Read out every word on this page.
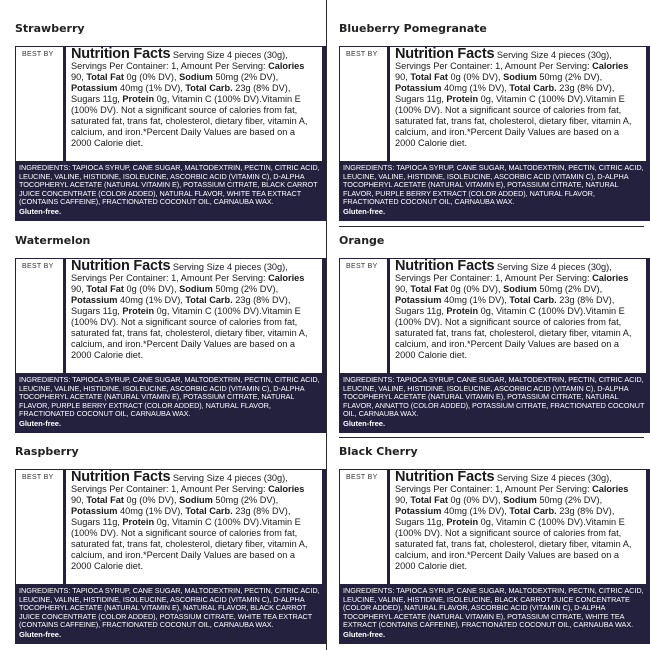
Strawberry
BEST BY	Nutrition Facts Serving Size 4 pieces (30g), Servings Per Container: 1, Amount Per Serving: Calories 90, Total Fat 0g (0% DV), Sodium 50mg (2% DV), Potassium 40mg (1% DV), Total Carb. 23g (8% DV), Sugars 11g, Protein 0g, Vitamin C (100% DV).Vitamin E (100% DV). Not a significant source of calories from fat, saturated fat, trans fat, cholesterol, dietary fiber, vitamin A, calcium, and iron.*Percent Daily Values are based on a 2000 Calorie diet.
INGREDIENTS: TAPIOCA SYRUP, CANE SUGAR, MALTODEXTRIN, PECTIN, CITRIC ACID, LEUCINE, VALINE, HISTIDINE, ISOLEUCINE, ASCORBIC ACID (VITAMIN C), D-ALPHA TOCOPHERYL ACETATE (NATURAL VITAMIN E), POTASSIUM CITRATE, BLACK CARROT JUICE CONCENTRATE (COLOR ADDED), NATURAL FLAVOR, WHITE TEA EXTRACT (CONTAINS CAFFEINE), FRACTIONATED COCONUT OIL, CARNAUBA WAX.
Gluten-free.
Blueberry Pomegranate
BEST BY	Nutrition Facts Serving Size 4 pieces (30g), Servings Per Container: 1, Amount Per Serving: Calories 90, Total Fat 0g (0% DV), Sodium 50mg (2% DV), Potassium 40mg (1% DV), Total Carb. 23g (8% DV), Sugars 11g, Protein 0g, Vitamin C (100% DV).Vitamin E (100% DV). Not a significant source of calories from fat, saturated fat, trans fat, cholesterol, dietary fiber, vitamin A, calcium, and iron.*Percent Daily Values are based on a 2000 Calorie diet.
INGREDIENTS: TAPIOCA SYRUP, CANE SUGAR, MALTODEXTRIN, PECTIN, CITRIC ACID, LEUCINE, VALINE, HISTIDINE, ISOLEUCINE, ASCORBIC ACID (VITAMIN C), D-ALPHA TOCOPHERYL ACETATE (NATURAL VITAMIN E), POTASSIUM CITRATE, NATURAL FLAVOR, PURPLE BERRY EXTRACT (COLOR ADDED), NATURAL FLAVOR, FRACTIONATED COCONUT OIL, CARNAUBA WAX.
Gluten-free.
Watermelon
BEST BY	Nutrition Facts Serving Size 4 pieces (30g), Servings Per Container: 1, Amount Per Serving: Calories 90, Total Fat 0g (0% DV), Sodium 50mg (2% DV), Potassium 40mg (1% DV), Total Carb. 23g (8% DV), Sugars 11g, Protein 0g, Vitamin C (100% DV).Vitamin E (100% DV). Not a significant source of calories from fat, saturated fat, trans fat, cholesterol, dietary fiber, vitamin A, calcium, and iron.*Percent Daily Values are based on a 2000 Calorie diet.
INGREDIENTS: TAPIOCA SYRUP, CANE SUGAR, MALTODEXTRIN, PECTIN, CITRIC ACID, LEUCINE, VALINE, HISTIDINE, ISOLEUCINE, ASCORBIC ACID (VITAMIN C), D-ALPHA TOCOPHERYL ACETATE (NATURAL VITAMIN E), POTASSIUM CITRATE, NATURAL FLAVOR, PURPLE BERRY EXTRACT (COLOR ADDED), NATURAL FLAVOR, FRACTIONATED COCONUT OIL, CARNAUBA WAX.
Gluten-free.
Orange
BEST BY	Nutrition Facts Serving Size 4 pieces (30g), Servings Per Container: 1, Amount Per Serving: Calories 90, Total Fat 0g (0% DV), Sodium 50mg (2% DV), Potassium 40mg (1% DV), Total Carb. 23g (8% DV), Sugars 11g, Protein 0g, Vitamin C (100% DV).Vitamin E (100% DV). Not a significant source of calories from fat, saturated fat, trans fat, cholesterol, dietary fiber, vitamin A, calcium, and iron.*Percent Daily Values are based on a 2000 Calorie diet.
INGREDIENTS: TAPIOCA SYRUP, CANE SUGAR, MALTODEXTRIN, PECTIN, CITRIC ACID, LEUCINE, VALINE, HISTIDINE, ISOLEUCINE, ASCORBIC ACID (VITAMIN C), D-ALPHA TOCOPHERYL ACETATE (NATURAL VITAMIN E), POTASSIUM CITRATE, NATURAL FLAVOR, ANNATTO (COLOR ADDED), POTASSIUM CITRATE, FRACTIONATED COCONUT OIL, CARNAUBA WAX.
Gluten-free.
Raspberry
BEST BY	Nutrition Facts Serving Size 4 pieces (30g), Servings Per Container: 1, Amount Per Serving: Calories 90, Total Fat 0g (0% DV), Sodium 50mg (2% DV), Potassium 40mg (1% DV), Total Carb. 23g (8% DV), Sugars 11g, Protein 0g, Vitamin C (100% DV).Vitamin E (100% DV). Not a significant source of calories from fat, saturated fat, trans fat, cholesterol, dietary fiber, vitamin A, calcium, and iron.*Percent Daily Values are based on a 2000 Calorie diet.
INGREDIENTS: TAPIOCA SYRUP, CANE SUGAR, MALTODEXTRIN, PECTIN, CITRIC ACID, LEUCINE, VALINE, HISTIDINE, ISOLEUCINE, ASCORBIC ACID (VITAMIN C), D-ALPHA TOCOPHERYL ACETATE (NATURAL VITAMIN E), NATURAL FLAVOR, BLACK CARROT JUICE CONCENTRATE (COLOR ADDED), POTASSIUM CITRATE, WHITE TEA EXTRACT (CONTAINS CAFFEINE), FRACTIONATED COCONUT OIL, CARNAUBA WAX.
Gluten-free.
Black Cherry
BEST BY	Nutrition Facts Serving Size 4 pieces (30g), Servings Per Container: 1, Amount Per Serving: Calories 90, Total Fat 0g (0% DV), Sodium 50mg (2% DV), Potassium 40mg (1% DV), Total Carb. 23g (8% DV), Sugars 11g, Protein 0g, Vitamin C (100% DV).Vitamin E (100% DV). Not a significant source of calories from fat, saturated fat, trans fat, cholesterol, dietary fiber, vitamin A, calcium, and iron.*Percent Daily Values are based on a 2000 Calorie diet.
INGREDIENTS: TAPIOCA SYRUP, CANE SUGAR, MALTODEXTRIN, PECTIN, CITRIC ACID, LEUCINE, VALINE, HISTIDINE, ISOLEUCINE, BLACK CARROT JUICE CONCENTRATE (COLOR ADDED), NATURAL FLAVOR, ASCORBIC ACID (VITAMIN C), D-ALPHA TOCOPHERYL ACETATE (NATURAL VITAMIN E), POTASSIUM CITRATE, WHITE TEA EXTRACT (CONTAINS CAFFEINE), FRACTIONATED COCONUT OIL, CARNAUBA WAX.
Gluten-free.
